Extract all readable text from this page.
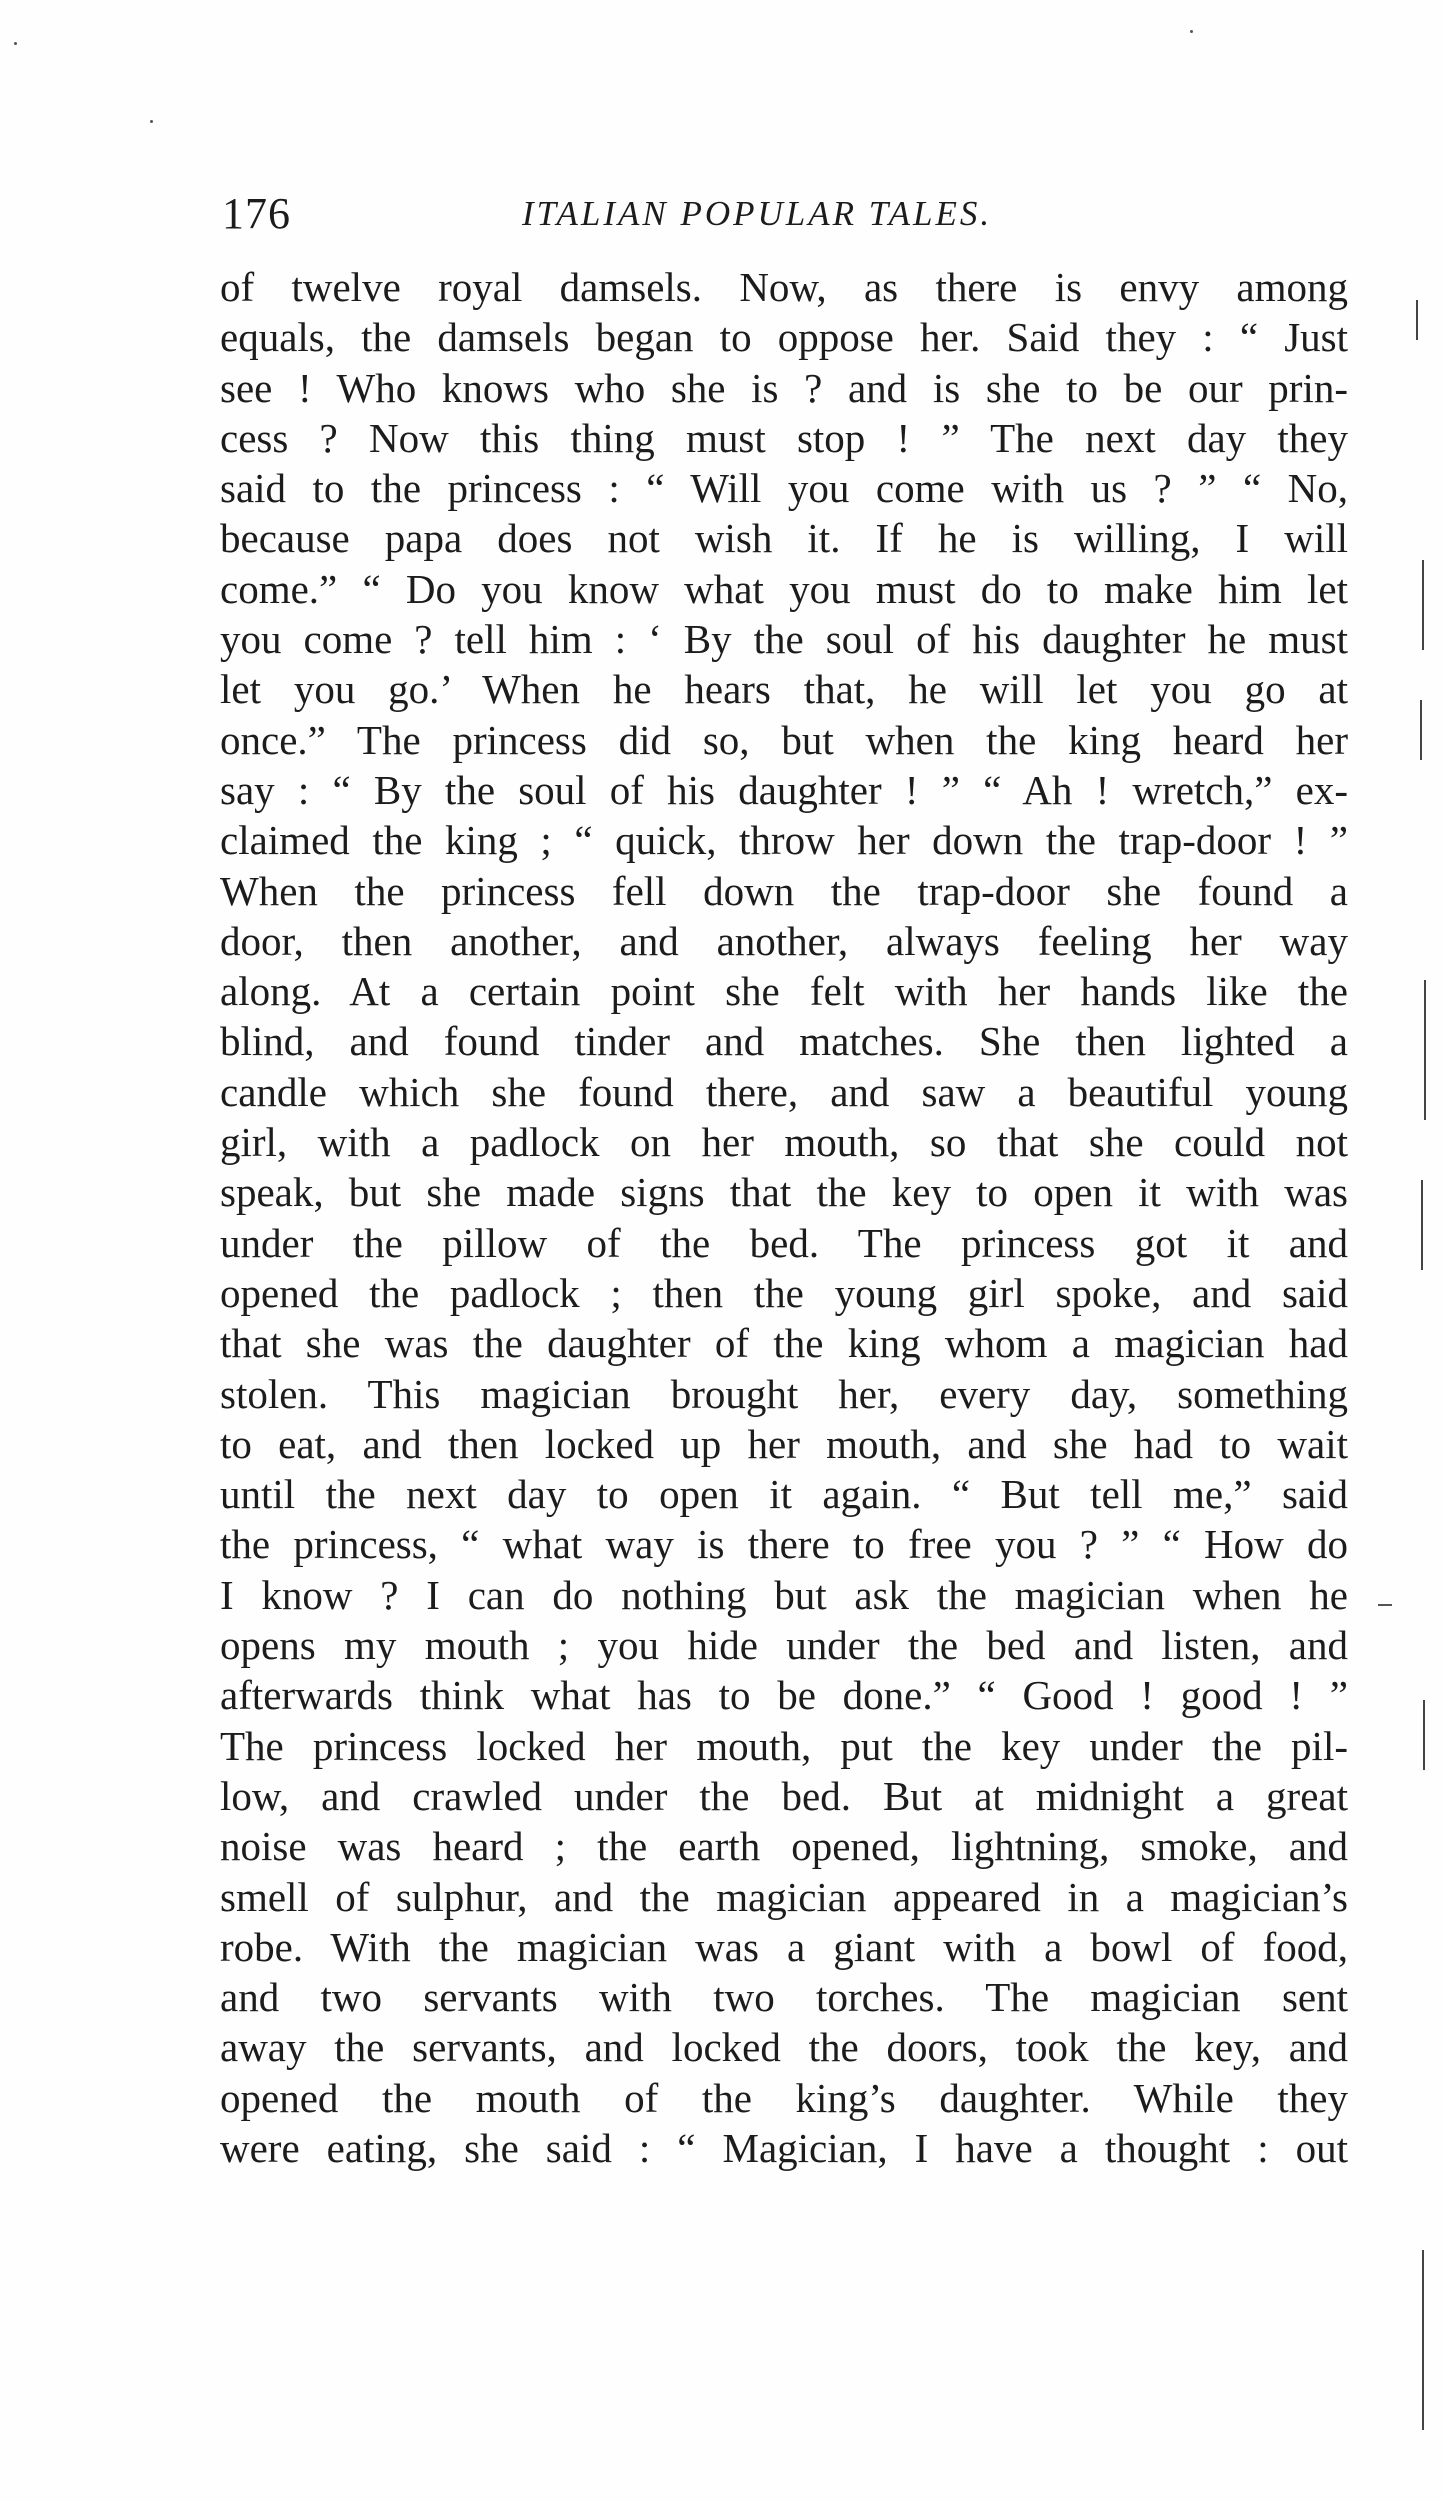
176	ITALIAN POPULAR TALES.
of twelve royal damsels. Now, as there is envy among
equals, the damsels began to oppose her. Said they : “ Just
see ! Who knows who she is ? and is she to be our prin-
cess ? Now this thing must stop ! ” The next day they
said to the princess : “ Will you come with us ? ” “ No,
because papa does not wish it. If he is willing, I will
come.” “ Do you know what you must do to make him let
you come ? tell him : ‘ By the soul of his daughter he must
let you go.’ When he hears that, he will let you go at
once.” The princess did so, but when the king heard her
say : “ By the soul of his daughter ! ” “ Ah ! wretch,” ex-
claimed the king ; “ quick, throw her down the trap-door ! ”
When the princess fell down the trap-door she found a
door, then another, and another, always feeling her way
along. At a certain point she felt with her hands like the
blind, and found tinder and matches. She then lighted a
candle which she found there, and saw a beautiful young
girl, with a padlock on her mouth, so that she could not
speak, but she made signs that the key to open it with was
under the pillow of the bed. The princess got it and
opened the padlock ; then the young girl spoke, and said
that she was the daughter of the king whom a magician had
stolen. This magician brought her, every day, something
to eat, and then locked up her mouth, and she had to wait
until the next day to open it again. “ But tell me,” said
the princess, “ what way is there to free you ? ” “ How do
I know ? I can do nothing but ask the magician when he
opens my mouth ; you hide under the bed and listen, and
afterwards think what has to be done.” “ Good ! good ! ”
The princess locked her mouth, put the key under the pil-
low, and crawled under the bed. But at midnight a great
noise was heard ; the earth opened, lightning, smoke, and
smell of sulphur, and the magician appeared in a magician’s
robe. With the magician was a giant with a bowl of food,
and two servants with two torches. The magician sent
away the servants, and locked the doors, took the key, and
opened the mouth of the king’s daughter. While they
were eating, she said : “ Magician, I have a thought : out
